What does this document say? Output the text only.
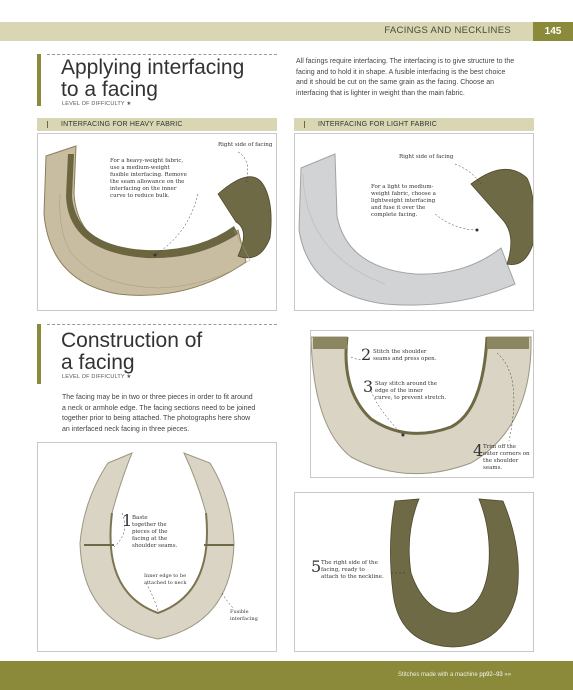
FACINGS AND NECKLINES	145
Applying interfacing
to a facing
LEVEL OF DIFFICULTY ★
All facings require interfacing. The interfacing is to give structure to the
facing and to hold it in shape. A fusible interfacing is the best choice
and it should be cut on the same grain as the facing. Choose an
interfacing that is lighter in weight than the main fabric.
INTERFACING FOR HEAVY FABRIC	INTERFACING FOR LIGHT FABRIC
Right side of facing
For a heavy-weight fabric,
use a medium-weight
fusible interfacing. Remove
the seam allowance on the
interfacing on the inner
curve to reduce bulk.
Right side of facing
For a light to medium-
weight fabric, choose a
lightweight interfacing
and fuse it over the
complete facing.
Construction of
a facing
LEVEL OF DIFFICULTY ★
The facing may be in two or three pieces in order to fit around
a neck or armhole edge. The facing sections need to be joined
together prior to being attached. The photographs here show
an interfaced neck facing in three pieces.
1 Baste
together the
pieces of the
facing at the
shoulder seams.
Inner edge to be
attached to neck
Fusible
interfacing
2 Stitch the shoulder
seams and press open.
3 Stay stitch around the
edge of the inner
curve, to prevent stretch.
4 Trim off the
outer corners on
the shoulder seams.
5 The right side of the
facing, ready to
attach to the neckline.
Stitches made with a machine pp92–93 »»
